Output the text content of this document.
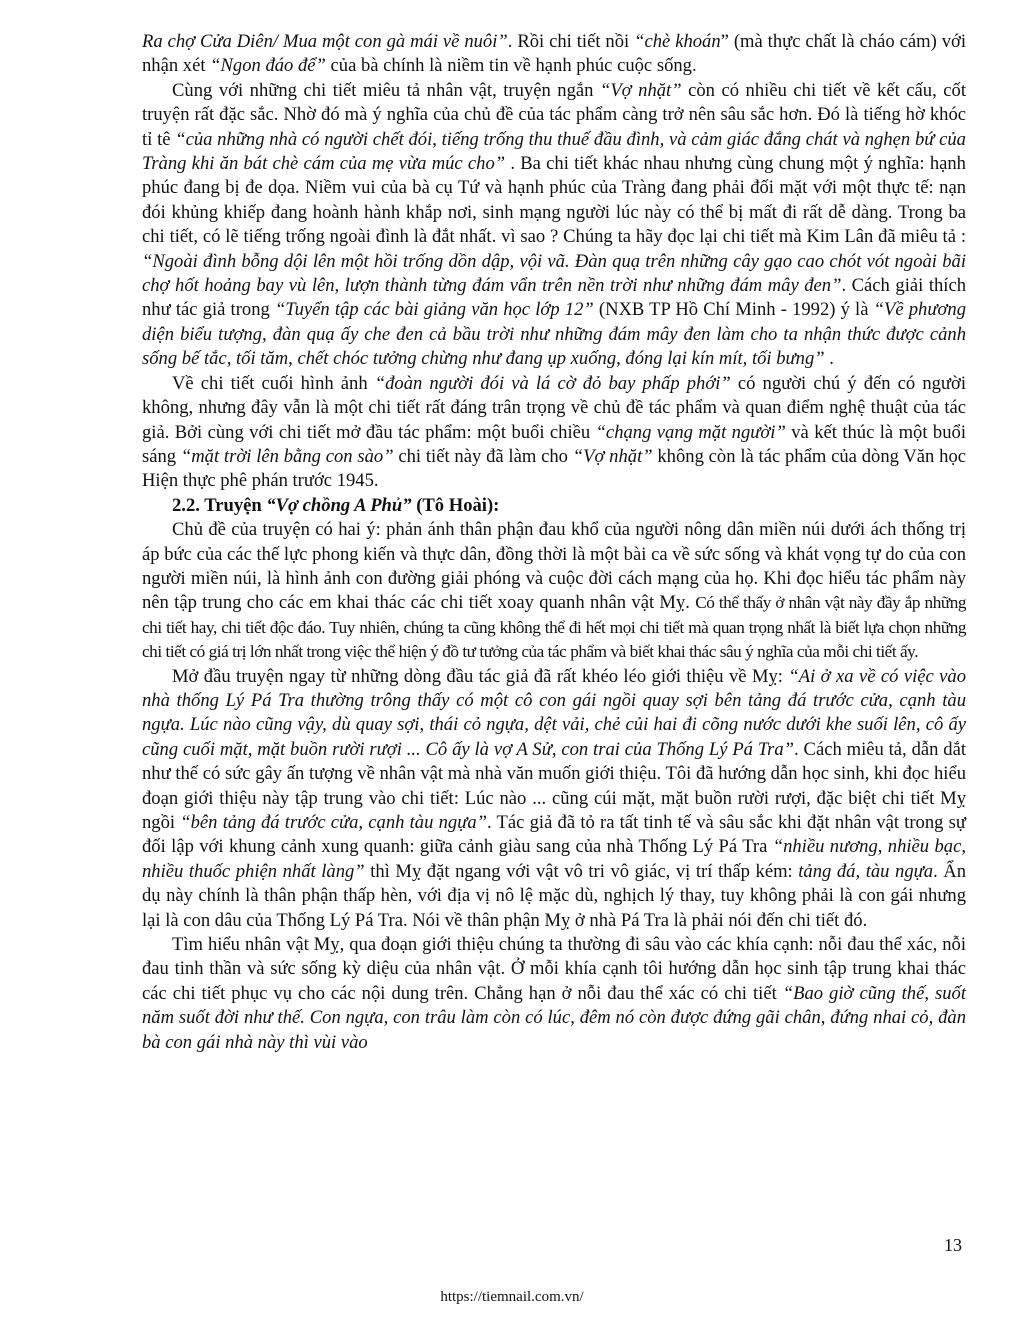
Ra chợ Cửa Diên/ Mua một con gà mái về nuôi”. Rồi chi tiết nồi “chè khoán” (mà thực chất là cháo cám) với nhận xét “Ngon đáo để” của bà chính là niềm tin về hạnh phúc cuộc sống.

Cùng với những chi tiết miêu tả nhân vật, truyện ngắn “Vợ nhặt” còn có nhiều chi tiết về kết cấu, cốt truyện rất đặc sắc. Nhờ đó mà ý nghĩa của chủ đề của tác phẩm càng trở nên sâu sắc hơn. Đó là tiếng hờ khóc tỉ tê “của những nhà có người chết đói, tiếng trống thu thuế đầu đình, và cảm giác đắng chát và nghẹn bứ của Tràng khi ăn bát chè cám của mẹ vừa múc cho” . Ba chi tiết khác nhau nhưng cùng chung một ý nghĩa: hạnh phúc đang bị đe dọa. Niềm vui của bà cụ Tứ và hạnh phúc của Tràng đang phải đối mặt với một thực tế: nạn đói khủng khiếp đang hoành hành khắp nơi, sinh mạng người lúc này có thể bị mất đi rất dễ dàng. Trong ba chi tiết, có lẽ tiếng trống ngoài đình là đắt nhất. vì sao ? Chúng ta hãy đọc lại chi tiết mà Kim Lân đã miêu tả : “Ngoài đình bỗng dội lên một hồi trống dồn dập, vội vã. Đàn quạ trên những cây gạo cao chót vót ngoài bãi chợ hốt hoảng bay vù lên, lượn thành từng đám vẩn trên nền trời như những đám mây đen”. Cách giải thích như tác giả trong “Tuyển tập các bài giảng văn học lớp 12” (NXB TP Hồ Chí Minh - 1992) ý là “Về phương diện biểu tượng, đàn quạ ấy che đen cả bầu trời như những đám mây đen làm cho ta nhận thức được cảnh sống bế tắc, tối tăm, chết chóc tưởng chừng như đang ụp xuống, đóng lại kín mít, tối bưng” .

Về chi tiết cuối hình ảnh “đoàn người đói và lá cờ đỏ bay phấp phới” có người chú ý đến có người không, nhưng đây vẫn là một chi tiết rất đáng trân trọng về chủ đề tác phẩm và quan điểm nghệ thuật của tác giả. Bởi cùng với chi tiết mở đầu tác phẩm: một buổi chiều “chạng vạng mặt người” và kết thúc là một buổi sáng “mặt trời lên bằng con sào” chi tiết này đã làm cho “Vợ nhặt” không còn là tác phẩm của dòng Văn học Hiện thực phê phán trước 1945.

2.2. Truyện “Vợ chồng A Phủ” (Tô Hoài):

Chủ đề của truyện có hai ý: phản ánh thân phận đau khổ của người nông dân miền núi dưới ách thống trị áp bức của các thế lực phong kiến và thực dân, đồng thời là một bài ca về sức sống và khát vọng tự do của con người miền núi, là hình ảnh con đường giải phóng và cuộc đời cách mạng của họ. Khi đọc hiểu tác phẩm này nên tập trung cho các em khai thác các chi tiết xoay quanh nhân vật Mỵ. Có thể thấy ở nhân vật này đầy ắp những chi tiết hay, chi tiết độc đáo. Tuy nhiên, chúng ta cũng không thể đi hết mọi chi tiết mà quan trọng nhất là biết lựa chọn những chi tiết có giá trị lớn nhất trong việc thể hiện ý đồ tư tưởng của tác phẩm và biết khai thác sâu ý nghĩa của mỗi chi tiết ấy.

Mở đầu truyện ngay từ những dòng đầu tác giả đã rất khéo léo giới thiệu về Mỵ: “Ai ở xa về có việc vào nhà thống Lý Pá Tra thường trông thấy có một cô con gái ngồi quay sợi bên tảng đá trước cửa, cạnh tàu ngựa. Lúc nào cũng vậy, dù quay sợi, thái cỏ ngựa, dệt vải, chẻ củi hai đi cõng nước dưới khe suối lên, cô ấy cũng cuối mặt, mặt buồn rười rượi ... Cô ấy là vợ A Sử, con trai của Thống Lý Pá Tra”. Cách miêu tả, dẫn dắt như thế có sức gây ấn tượng về nhân vật mà nhà văn muốn giới thiệu. Tôi đã hướng dẫn học sinh, khi đọc hiểu đoạn giới thiệu này tập trung vào chi tiết: Lúc nào ... cũng cúi mặt, mặt buồn rười rượi, đặc biệt chi tiết Mỵ ngồi “bên tảng đá trước cửa, cạnh tàu ngựa”. Tác giả đã tỏ ra tất tinh tế và sâu sắc khi đặt nhân vật trong sự đối lập với khung cảnh xung quanh: giữa cảnh giàu sang của nhà Thống Lý Pá Tra “nhiều nương, nhiều bạc, nhiều thuốc phiện nhất làng” thì Mỵ đặt ngang với vật vô tri vô giác, vị trí thấp kém: tảng đá, tàu ngựa. Ẩn dụ này chính là thân phận thấp hèn, với địa vị nô lệ mặc dù, nghịch lý thay, tuy không phải là con gái nhưng lại là con dâu của Thống Lý Pá Tra. Nói về thân phận Mỵ ở nhà Pá Tra là phải nói đến chi tiết đó.

Tìm hiểu nhân vật Mỵ, qua đoạn giới thiệu chúng ta thường đi sâu vào các khía cạnh: nỗi đau thể xác, nỗi đau tinh thần và sức sống kỳ diệu của nhân vật. Ở mỗi khía cạnh tôi hướng dẫn học sinh tập trung khai thác các chi tiết phục vụ cho các nội dung trên. Chẳng hạn ở nỗi đau thể xác có chi tiết “Bao giờ cũng thế, suốt năm suốt đời như thế. Con ngựa, con trâu làm còn có lúc, đêm nó còn được đứng gãi chân, đứng nhai cỏ, đàn bà con gái nhà này thì vùi vào

13
https://tiemnail.com.vn/
